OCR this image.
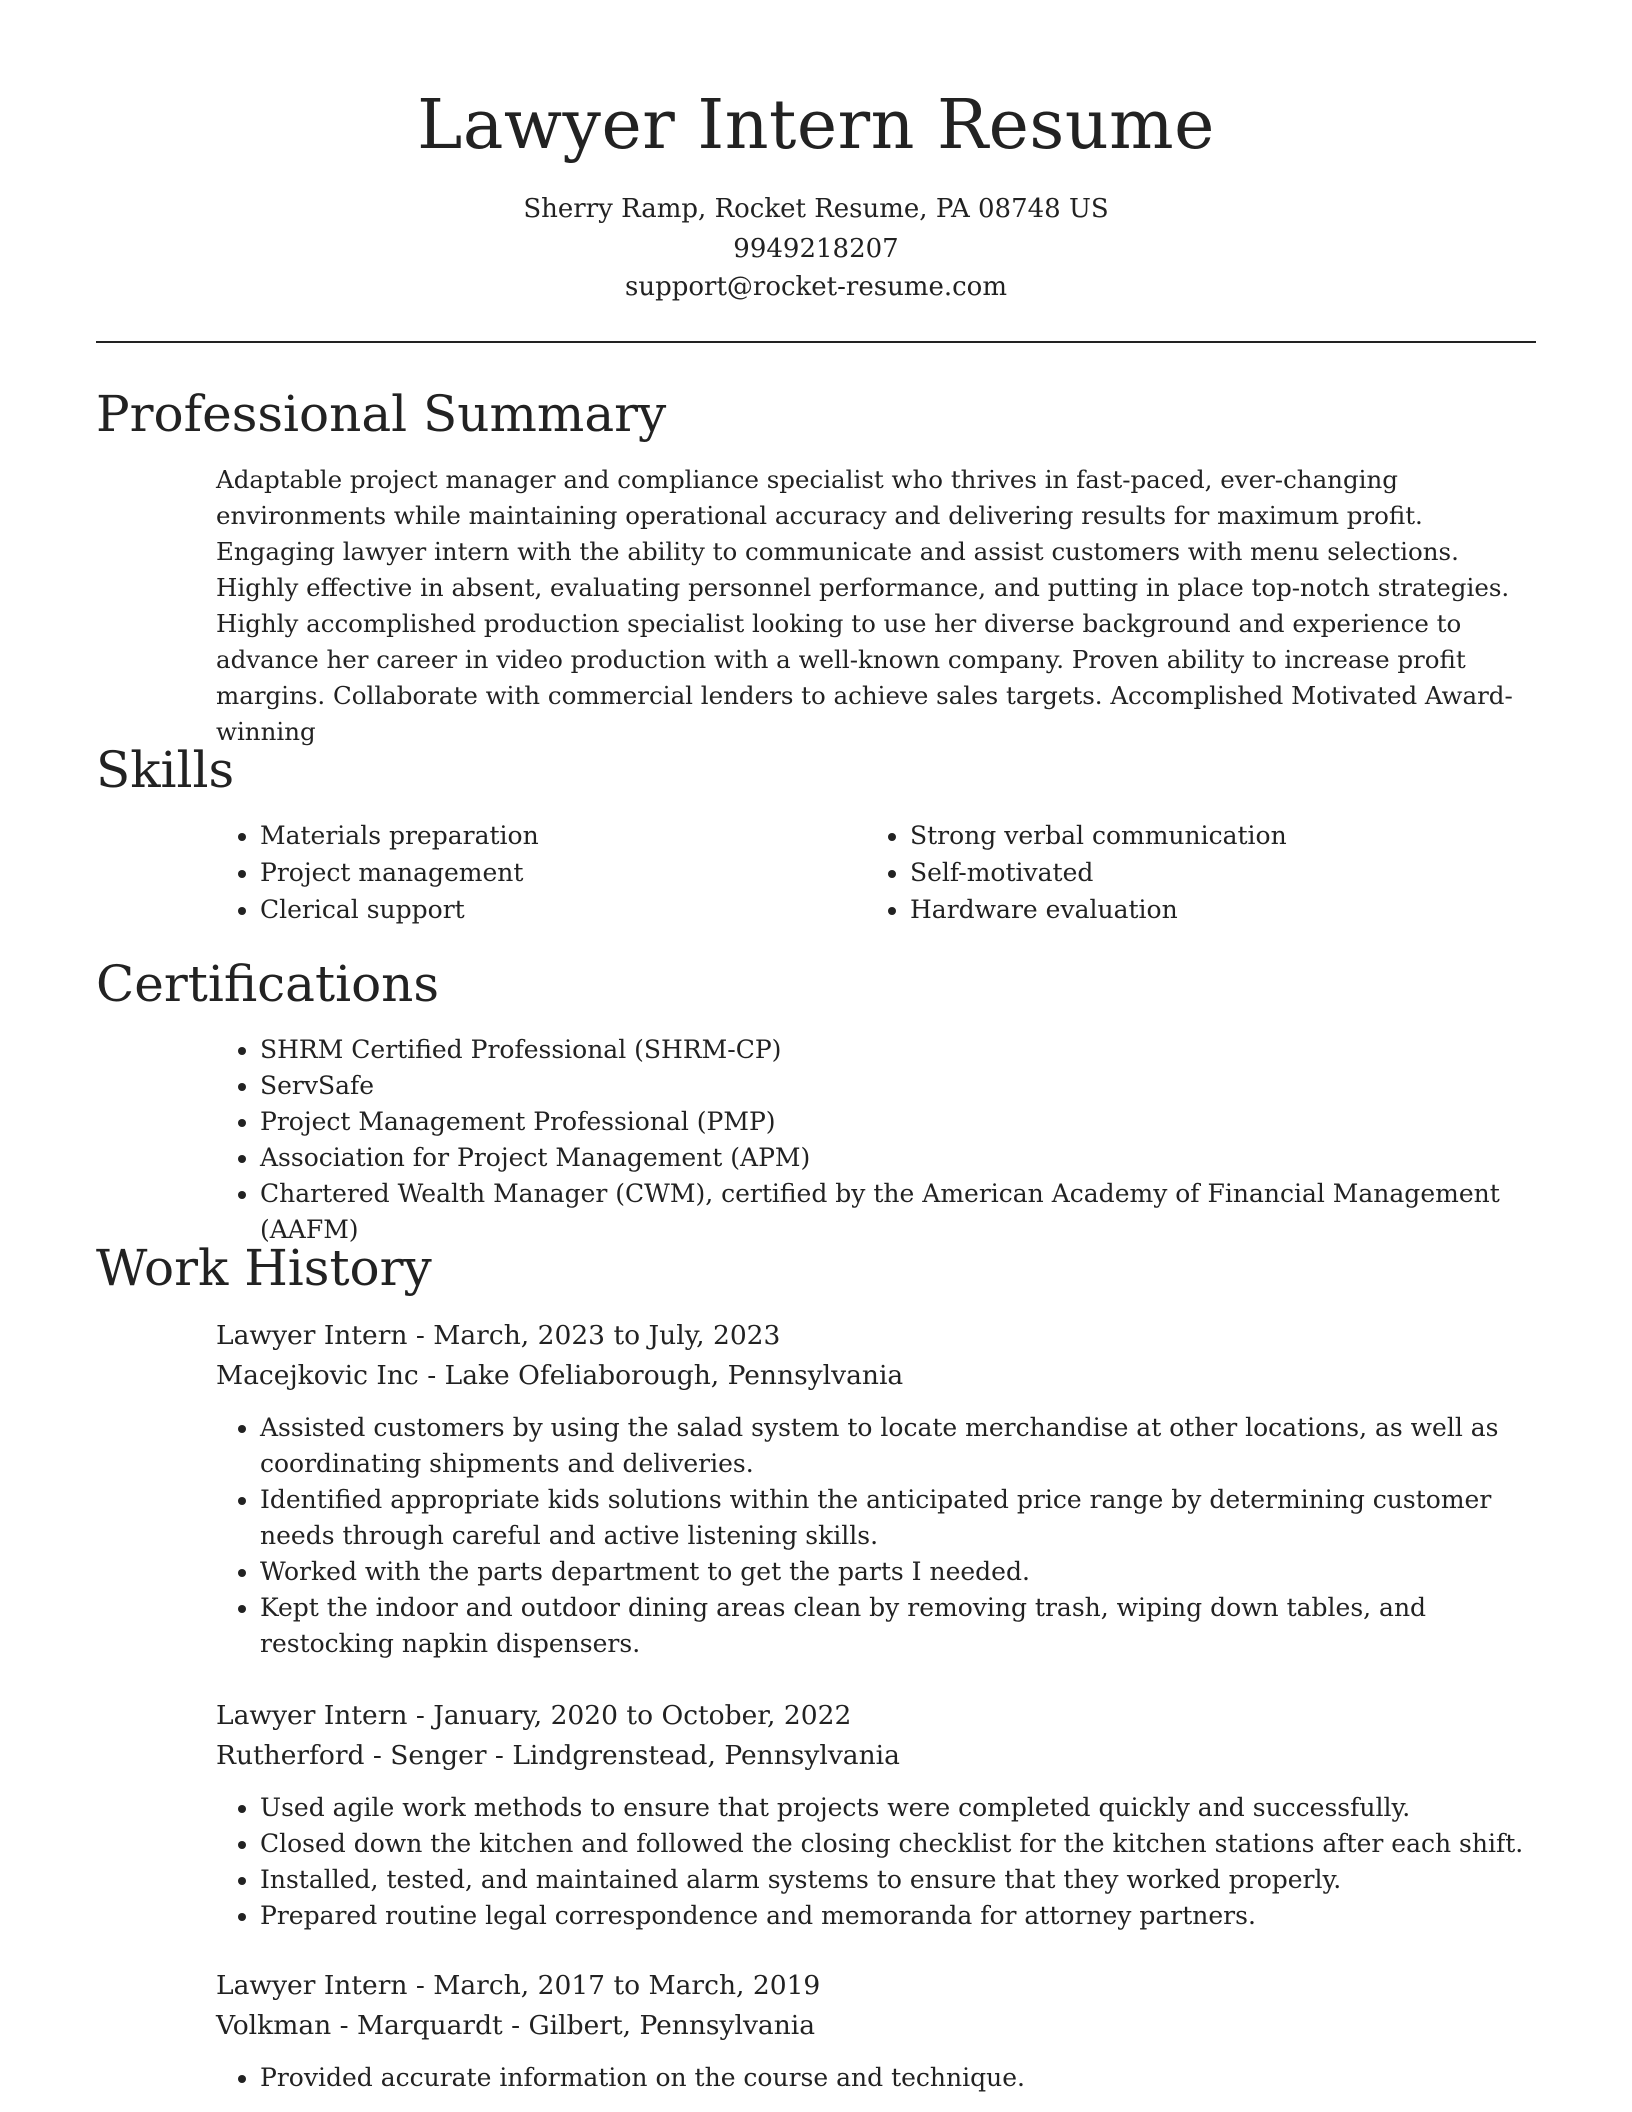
Lawyer Intern Resume

Sherry Ramp, Rocket Resume, PA 08748 US

9949218207

support@rocket-resume.com

Professional Summary

Adaptable project manager and compliance specialist who thrives in fast-paced, ever-changing environments while maintaining operational accuracy and delivering results for maximum profit. Engaging lawyer intern with the ability to communicate and assist customers with menu selections. Highly effective in absent, evaluating personnel performance, and putting in place top-notch strategies. Highly accomplished production specialist looking to use her diverse background and experience to advance her career in video production with a well-known company. Proven ability to increase profit margins. Collaborate with commercial lenders to achieve sales targets. Accomplished Motivated Award-winning

Skills
• Materials preparation
• Project management
• Clerical support
• Strong verbal communication
• Self-motivated
• Hardware evaluation
Certifications
• SHRM Certified Professional (SHRM-CP)
• ServSafe
• Project Management Professional (PMP)
• Association for Project Management (APM)
• Chartered Wealth Manager (CWM), certified by the American Academy of Financial Management (AAFM)
Work History

Lawyer Intern - March, 2023 to July, 2023

Macejkovic Inc - Lake Ofeliaborough, Pennsylvania

• Assisted customers by using the salad system to locate merchandise at other locations, as well as coordinating shipments and deliveries.
• Identified appropriate kids solutions within the anticipated price range by determining customer needs through careful and active listening skills.
• Worked with the parts department to get the parts I needed.
• Kept the indoor and outdoor dining areas clean by removing trash, wiping down tables, and restocking napkin dispensers.

Lawyer Intern - January, 2020 to October, 2022

Rutherford - Senger - Lindgrenstead, Pennsylvania

• Used agile work methods to ensure that projects were completed quickly and successfully.
• Closed down the kitchen and followed the closing checklist for the kitchen stations after each shift.
• Installed, tested, and maintained alarm systems to ensure that they worked properly.
• Prepared routine legal correspondence and memoranda for attorney partners.

Lawyer Intern - March, 2017 to March, 2019

Volkman - Marquardt - Gilbert, Pennsylvania

• Provided accurate information on the course and technique.
